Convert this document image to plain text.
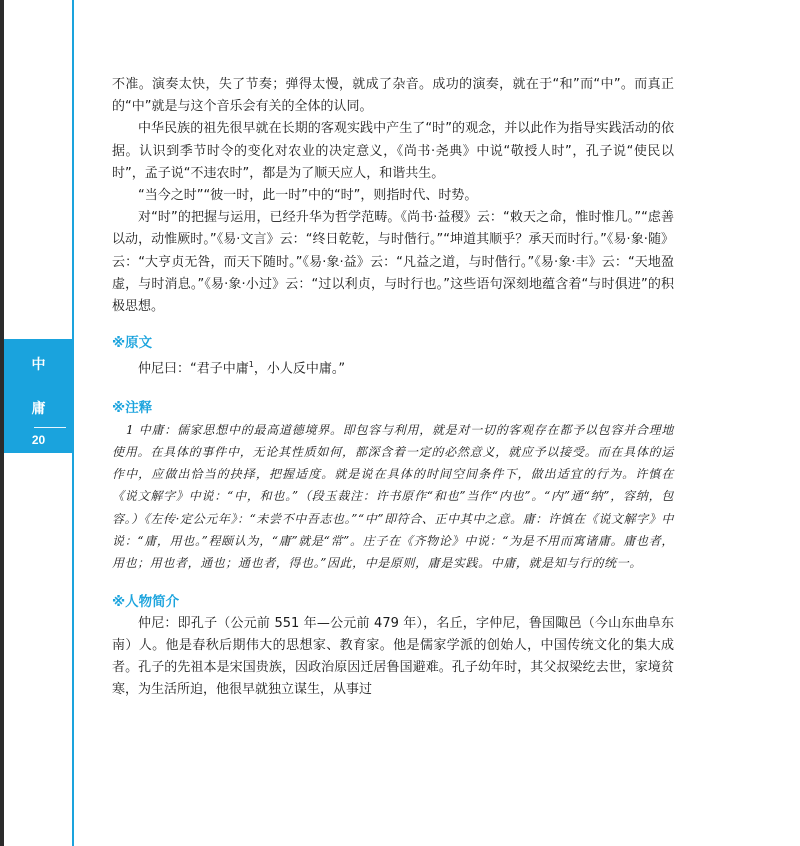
中
庸
20

不准。演奏太快，失了节奏；弹得太慢，就成了杂音。成功的演奏，就在于“和”而“中”。而真正的“中”就是与这个音乐会有关的全体的认同。

中华民族的祖先很早就在长期的客观实践中产生了“时”的观念，并以此作为指导实践活动的依据。认识到季节时令的变化对农业的决定意义，《尚书·尧典》中说“敬授人时”，孔子说“使民以时”，孟子说“不违农时”，都是为了顺天应人，和谐共生。

“当今之时”“彼一时，此一时”中的“时”，则指时代、时势。

对“时”的把握与运用，已经升华为哲学范畴。《尚书·益稷》云：“敕天之命，惟时惟几。”“虑善以动，动惟厥时。”《易·文言》云：“终日乾乾，与时偕行。”“坤道其顺乎？承天而时行。”《易·象·随》云：“大亨贞无咎，而天下随时。”《易·象·益》云：“凡益之道，与时偕行。”《易·象·丰》云：“天地盈虚，与时消息。”《易·象·小过》云：“过以利贞，与时行也。”这些语句深刻地蕴含着“与时俱进”的积极思想。

※原文

仲尼曰：“君子中庸$^1$，小人反中庸。”

※注释

1 中庸：儒家思想中的最高道德境界。即包容与利用，就是对一切的客观存在都予以包容并合理地使用。在具体的事件中，无论其性质如何，都深含着一定的必然意义，就应予以接受。而在具体的运作中，应做出恰当的抉择，把握适度。就是说在具体的时间空间条件下，做出适宜的行为。许慎在《说文解字》中说：“中，和也。”（段玉裁注：许书原作“和也”当作“内也”。“内”通“纳”，容纳，包容。）《左传·定公元年》：“未尝不中吾志也。”“中”即符合、正中其中之意。庸：许慎在《说文解字》中说：“庸，用也。”程颐认为，“庸”就是“常”。庄子在《齐物论》中说：“为是不用而寓诸庸。庸也者，用也；用也者，通也；通也者，得也。”因此，中是原则，庸是实践。中庸，就是知与行的统一。

※人物简介

仲尼：即孔子（公元前 551 年—公元前 479 年），名丘，字仲尼，鲁国陬邑（今山东曲阜东南）人。他是春秋后期伟大的思想家、教育家。他是儒家学派的创始人，中国传统文化的集大成者。孔子的先祖本是宋国贵族，因政治原因迁居鲁国避难。孔子幼年时，其父叔梁纥去世，家境贫寒，为生活所迫，他很早就独立谋生，从事过
